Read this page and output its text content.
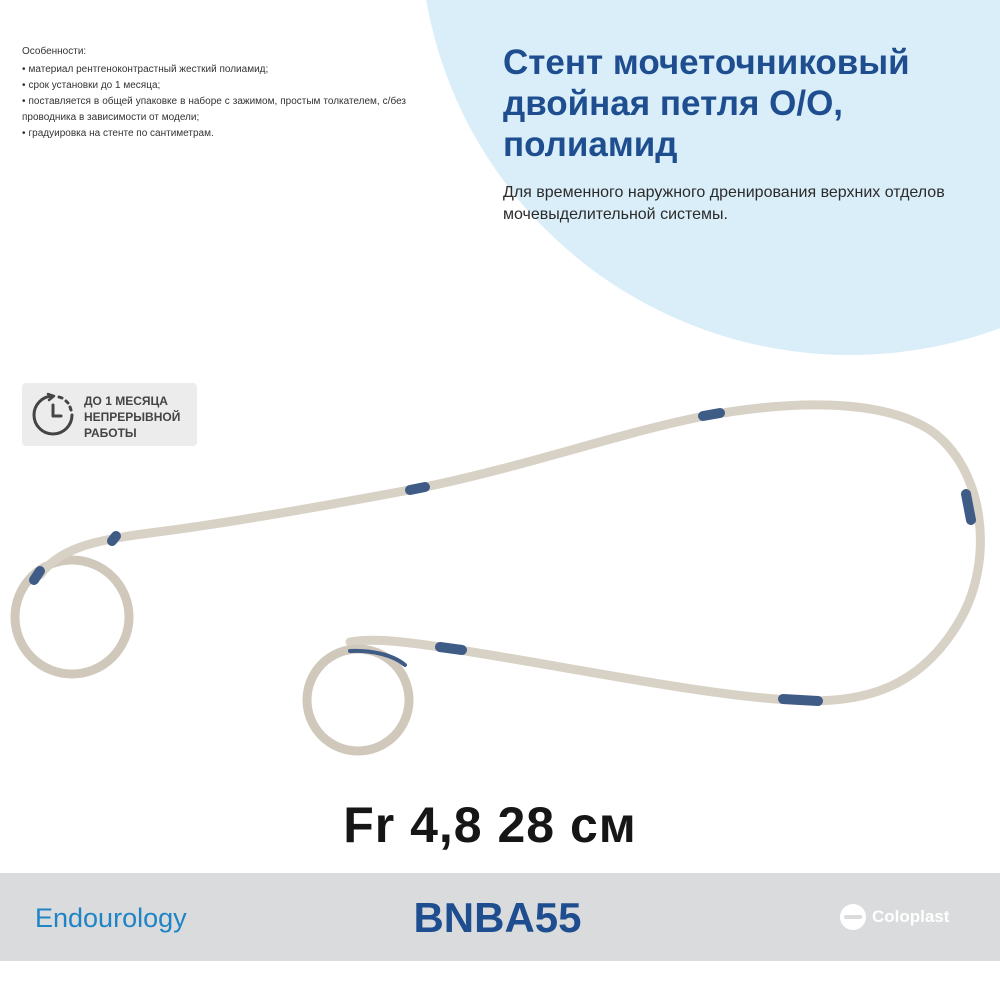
Особенности:
• материал рентгеноконтрастный жесткий полиамид;
• срок установки до 1 месяца;
• поставляется в общей упаковке в наборе с зажимом, простым толкателем, с/без проводника в зависимости от модели;
• градуировка на стенте по сантиметрам.
Стент мочеточниковый двойная петля О/О, полиамид
Для временного наружного дренирования верхних отделов мочевыделительной системы.
ДО 1 МЕСЯЦА НЕПРЕРЫВНОЙ РАБОТЫ
Fr 4,8 28 см
Endourology	BNBA55	Coloplast
